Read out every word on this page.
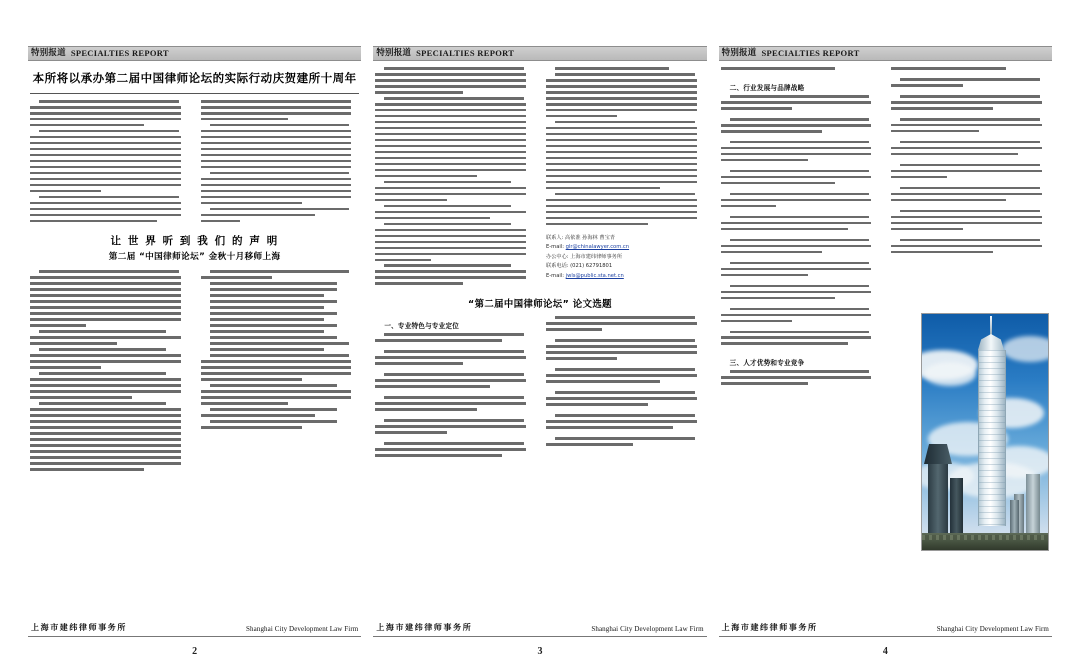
特别报道 SPECIALTIES REPORT
本所将以承办第二届中国律师论坛的实际行动庆贺建所十周年
让 世 界 听 到 我 们 的 声 明
第二届 “中国律师论坛” 金秋十月移师上海
上海市建纬律师事务所	Shanghai City Development Law Firm
2
特别报道 SPECIALTIES REPORT
联系人: 高依准 孙海林 曹宝青
E-mail: glr@chinalawyer.com.cn
办公中心: 上海市建纬律师事务所
联系电话: (021) 62791801
E-mail: jwls@public.sta.net.cn
“第二届中国律师论坛” 论文选题
一、专业特色与专业定位
上海市建纬律师事务所	Shanghai City Development Law Firm
3
特别报道 SPECIALTIES REPORT
二、行业发展与品牌战略
三、人才优势和专业竞争
上海市建纬律师事务所	Shanghai City Development Law Firm
4
